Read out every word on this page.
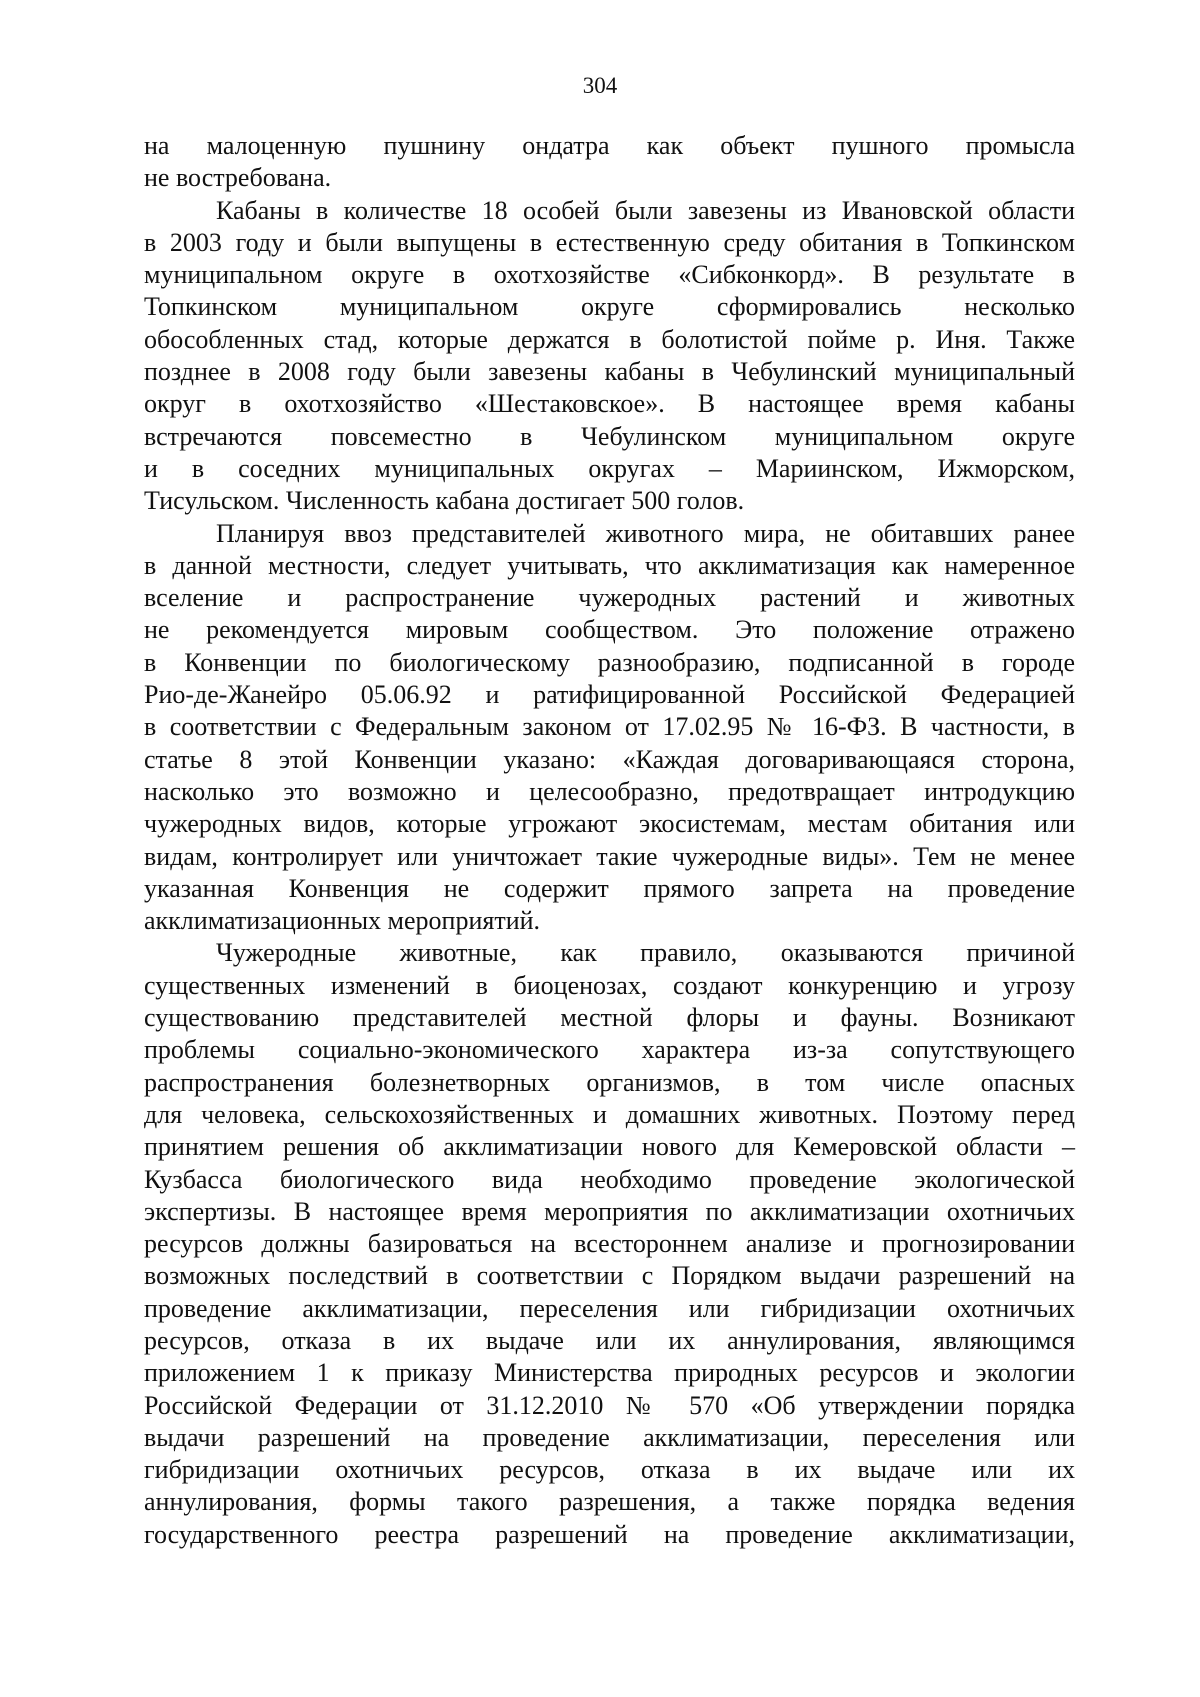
304
на малоценную пушнину ондатра как объект пушного промысла
не востребована.
Кабаны в количестве 18 особей были завезены из Ивановской области
в 2003 году и были выпущены в естественную среду обитания в Топкинском
муниципальном округе в охотхозяйстве «Сибконкорд». В результате в
Топкинском муниципальном округе сформировались несколько
обособленных стад, которые держатся в болотистой пойме р. Иня. Также
позднее в 2008 году были завезены кабаны в Чебулинский муниципальный
округ в охотхозяйство «Шестаковское». В настоящее время кабаны
встречаются повсеместно в Чебулинском муниципальном округе
и в соседних муниципальных округах – Мариинском, Ижморском,
Тисульском. Численность кабана достигает 500 голов.
Планируя ввоз представителей животного мира, не обитавших ранее
в данной местности, следует учитывать, что акклиматизация как намеренное
вселение и распространение чужеродных растений и животных
не рекомендуется мировым сообществом. Это положение отражено
в Конвенции по биологическому разнообразию, подписанной в городе
Рио-де-Жанейро 05.06.92 и ратифицированной Российской Федерацией
в соответствии с Федеральным законом от 17.02.95 № 16-ФЗ. В частности, в
статье 8 этой Конвенции указано: «Каждая договаривающаяся сторона,
насколько это возможно и целесообразно, предотвращает интродукцию
чужеродных видов, которые угрожают экосистемам, местам обитания или
видам, контролирует или уничтожает такие чужеродные виды». Тем не менее
указанная Конвенция не содержит прямого запрета на проведение
акклиматизационных мероприятий.
Чужеродные животные, как правило, оказываются причиной
существенных изменений в биоценозах, создают конкуренцию и угрозу
существованию представителей местной флоры и фауны. Возникают
проблемы социально-экономического характера из-за сопутствующего
распространения болезнетворных организмов, в том числе опасных
для человека, сельскохозяйственных и домашних животных. Поэтому перед
принятием решения об акклиматизации нового для Кемеровской области –
Кузбасса биологического вида необходимо проведение экологической
экспертизы. В настоящее время мероприятия по акклиматизации охотничьих
ресурсов должны базироваться на всестороннем анализе и прогнозировании
возможных последствий в соответствии с Порядком выдачи разрешений на
проведение акклиматизации, переселения или гибридизации охотничьих
ресурсов, отказа в их выдаче или их аннулирования, являющимся
приложением 1 к приказу Министерства природных ресурсов и экологии
Российской Федерации от 31.12.2010 № 570 «Об утверждении порядка
выдачи разрешений на проведение акклиматизации, переселения или
гибридизации охотничьих ресурсов, отказа в их выдаче или их
аннулирования, формы такого разрешения, а также порядка ведения
государственного реестра разрешений на проведение акклиматизации,
